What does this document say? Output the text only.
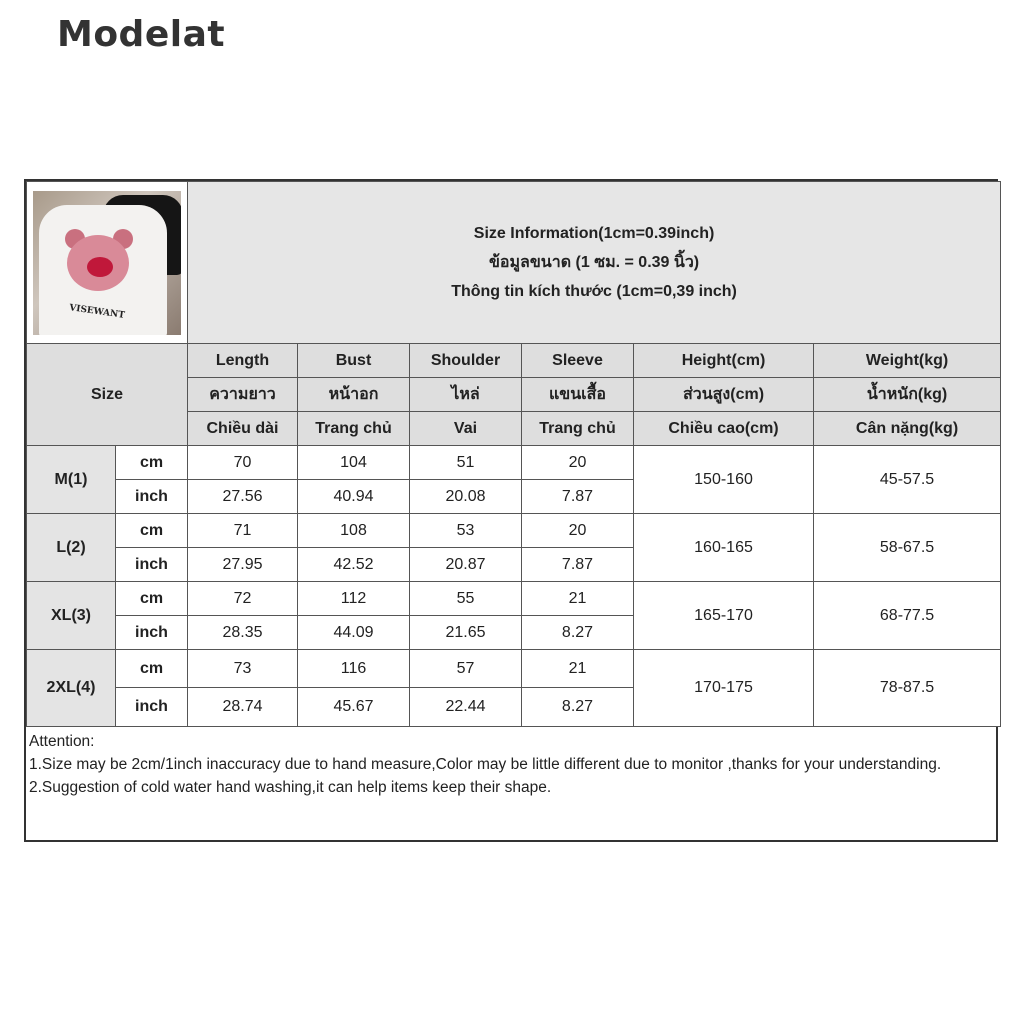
Modelat
VISEWANT		Size Information(1cm=0.39inch)
ข้อมูลขนาด (1 ซม. = 0.39 นิ้ว)
Thông tin kích thước (1cm=0,39 inch)					

Size		Length	Bust	Shoulder	Sleeve	Height(cm)	Weight(kg)
		ความยาว	หน้าอก	ไหล่	แขนเสื้อ	ส่วนสูง(cm)	น้ำหนัก(kg)
		Chiều dài	Trang chủ	Vai	Trang chủ	Chiều cao(cm)	Cân nặng(kg)
M(1)	cm	70	104	51	20	150-160	45-57.5
	inch	27.56	40.94	20.08	7.87		
L(2)	cm	71	108	53	20	160-165	58-67.5
	inch	27.95	42.52	20.87	7.87		
XL(3)	cm	72	112	55	21	165-170	68-77.5
	inch	28.35	44.09	21.65	8.27		
2XL(4)	cm	73	116	57	21	170-175	78-87.5
	inch	28.74	45.67	22.44	8.27		
Attention:
1.Size may be 2cm/1inch inaccuracy due to hand measure,Color may be little different due to monitor ,thanks for your understanding.
2.Suggestion of cold water hand washing,it can help items keep their shape.
